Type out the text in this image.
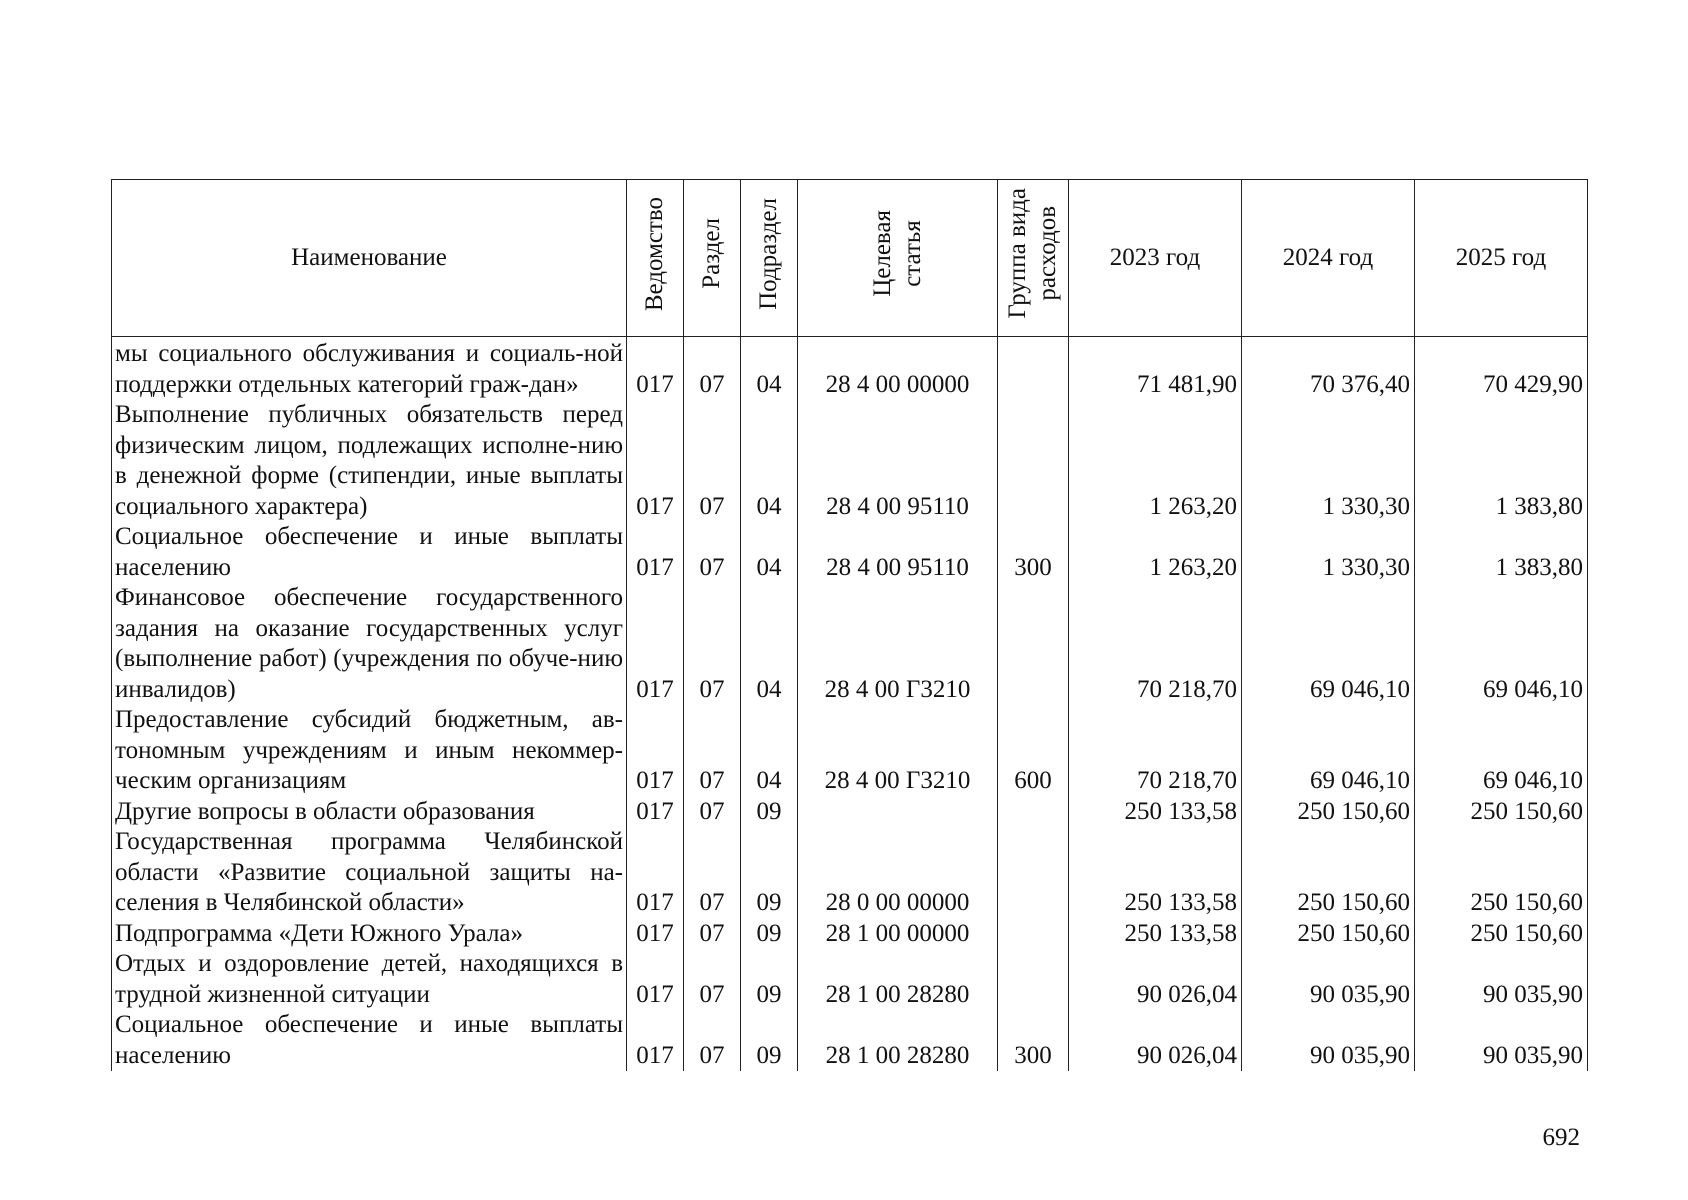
Наименование	Ведомство	Раздел	Подраздел	Целевая статья	Группа вида расходов	2023 год	2024 год	2025 год
мы социального обслуживания и социаль-ной поддержки отдельных категорий граж-дан»	017	07	04	28 4 00 00000		71 481,90	70 376,40	70 429,90
Выполнение публичных обязательств перед физическим лицом, подлежащих исполне-нию в денежной форме (стипендии, иные выплаты социального характера)	017	07	04	28 4 00 95110		1 263,20	1 330,30	1 383,80
Социальное обеспечение и иные выплаты населению	017	07	04	28 4 00 95110	300	1 263,20	1 330,30	1 383,80
Финансовое обеспечение государственного задания на оказание государственных услуг (выполнение работ) (учреждения по обуче-нию инвалидов)	017	07	04	28 4 00 Г3210		70 218,70	69 046,10	69 046,10
Предоставление субсидий бюджетным, ав-тономным учреждениям и иным некоммер-ческим организациям	017	07	04	28 4 00 Г3210	600	70 218,70	69 046,10	69 046,10
Другие вопросы в области образования	017	07	09			250 133,58	250 150,60	250 150,60
Государственная программа Челябинской области «Развитие социальной защиты на-селения в Челябинской области»	017	07	09	28 0 00 00000		250 133,58	250 150,60	250 150,60
Подпрограмма «Дети Южного Урала»	017	07	09	28 1 00 00000		250 133,58	250 150,60	250 150,60
Отдых и оздоровление детей, находящихся в трудной жизненной ситуации	017	07	09	28 1 00 28280		90 026,04	90 035,90	90 035,90
Социальное обеспечение и иные выплаты населению	017	07	09	28 1 00 28280	300	90 026,04	90 035,90	90 035,90
692
